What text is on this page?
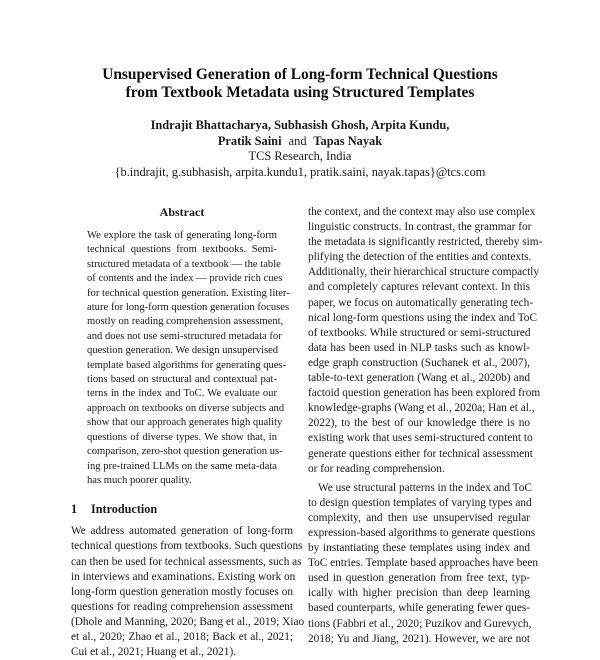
Unsupervised Generation of Long-form Technical Questions
from Textbook Metadata using Structured Templates
Indrajit Bhattacharya, Subhasish Ghosh, Arpita Kundu,
Pratik Saini and Tapas Nayak
TCS Research, India
{b.indrajit, g.subhasish, arpita.kundu1, pratik.saini, nayak.tapas}@tcs.com
Abstract
We explore the task of generating long-form
technical questions from textbooks. Semi-
structured metadata of a textbook — the table
of contents and the index — provide rich cues
for technical question generation. Existing liter-
ature for long-form question generation focuses
mostly on reading comprehension assessment,
and does not use semi-structured metadata for
question generation. We design unsupervised
template based algorithms for generating ques-
tions based on structural and contextual pat-
terns in the index and ToC. We evaluate our
approach on textbooks on diverse subjects and
show that our approach generates high quality
questions of diverse types. We show that, in
comparison, zero-shot question generation us-
ing pre-trained LLMs on the same meta-data
has much poorer quality.
1 Introduction
We address automated generation of long-form
technical questions from textbooks. Such questions
can then be used for technical assessments, such as
in interviews and examinations. Existing work on
long-form question generation mostly focuses on
questions for reading comprehension assessment
(Dhole and Manning, 2020; Bang et al., 2019; Xiao
et al., 2020; Zhao et al., 2018; Back et al., 2021;
Cui et al., 2021; Huang et al., 2021).
the context, and the context may also use complex
linguistic constructs. In contrast, the grammar for
the metadata is significantly restricted, thereby sim-
plifying the detection of the entities and contexts.
Additionally, their hierarchical structure compactly
and completely captures relevant context. In this
paper, we focus on automatically generating tech-
nical long-form questions using the index and ToC
of textbooks. While structured or semi-structured
data has been used in NLP tasks such as knowl-
edge graph construction (Suchanek et al., 2007),
table-to-text generation (Wang et al., 2020b) and
factoid question generation has been explored from
knowledge-graphs (Wang et al., 2020a; Han et al.,
2022), to the best of our knowledge there is no
existing work that uses semi-structured content to
generate questions either for technical assessment
or for reading comprehension.
We use structural patterns in the index and ToC
to design question templates of varying types and
complexity, and then use unsupervised regular
expression-based algorithms to generate questions
by instantiating these templates using index and
ToC entries. Template based approaches have been
used in question generation from free text, typ-
ically with higher precision than deep learning
based counterparts, while generating fewer ques-
tions (Fabbri et al., 2020; Puzikov and Gurevych,
2018; Yu and Jiang, 2021). However, we are not
